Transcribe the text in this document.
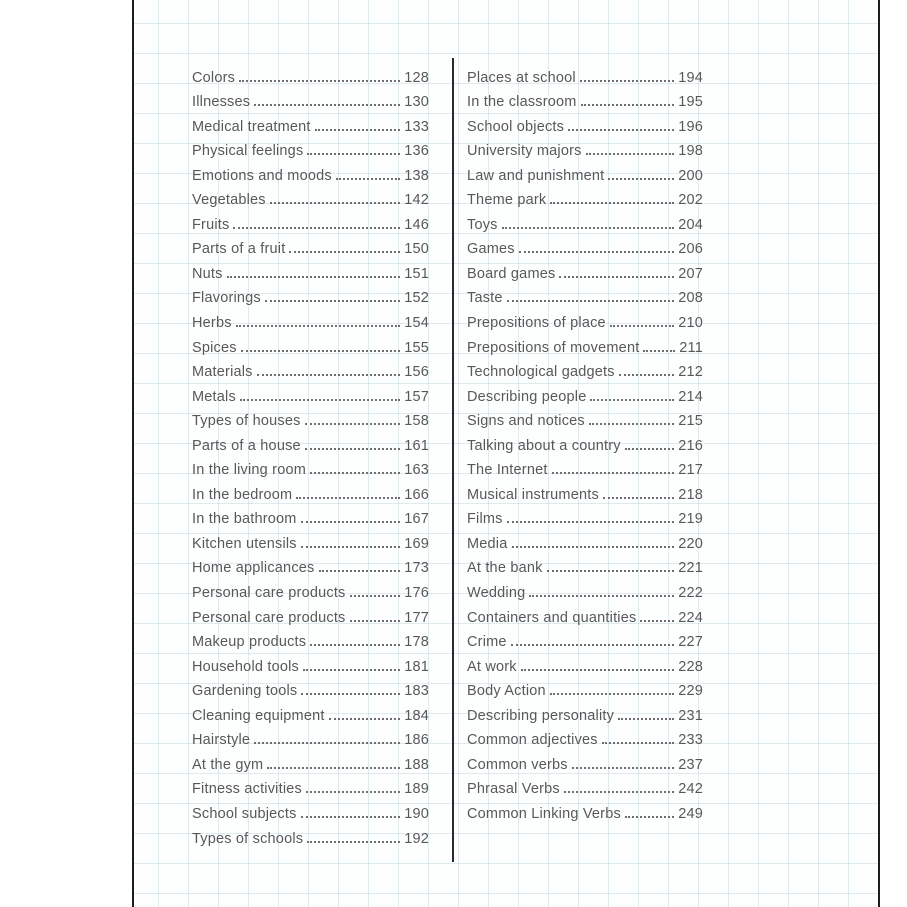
Colors	128
Illnesses	130
Medical treatment	133
Physical feelings	136
Emotions and moods	138
Vegetables	142
Fruits	146
Parts of a fruit	150
Nuts	151
Flavorings	152
Herbs	154
Spices	155
Materials	156
Metals	157
Types of houses	158
Parts of a house	161
In the living room	163
In the bedroom	166
In the bathroom	167
Kitchen utensils	169
Home applicances	173
Personal care products	176
Personal care products	177
Makeup products	178
Household tools	181
Gardening tools	183
Cleaning equipment	184
Hairstyle	186
At the gym	188
Fitness activities	189
School subjects	190
Types of schools	192
Places at school	194
In the classroom	195
School objects	196
University majors	198
Law and punishment	200
Theme park	202
Toys	204
Games	206
Board games	207
Taste	208
Prepositions of place	210
Prepositions of movement	211
Technological gadgets	212
Describing people	214
Signs and notices	215
Talking about a country	216
The Internet	217
Musical instruments	218
Films	219
Media	220
At the bank	221
Wedding	222
Containers and quantities	224
Crime	227
At work	228
Body Action	229
Describing personality	231
Common adjectives	233
Common verbs	237
Phrasal Verbs	242
Common Linking Verbs	249
